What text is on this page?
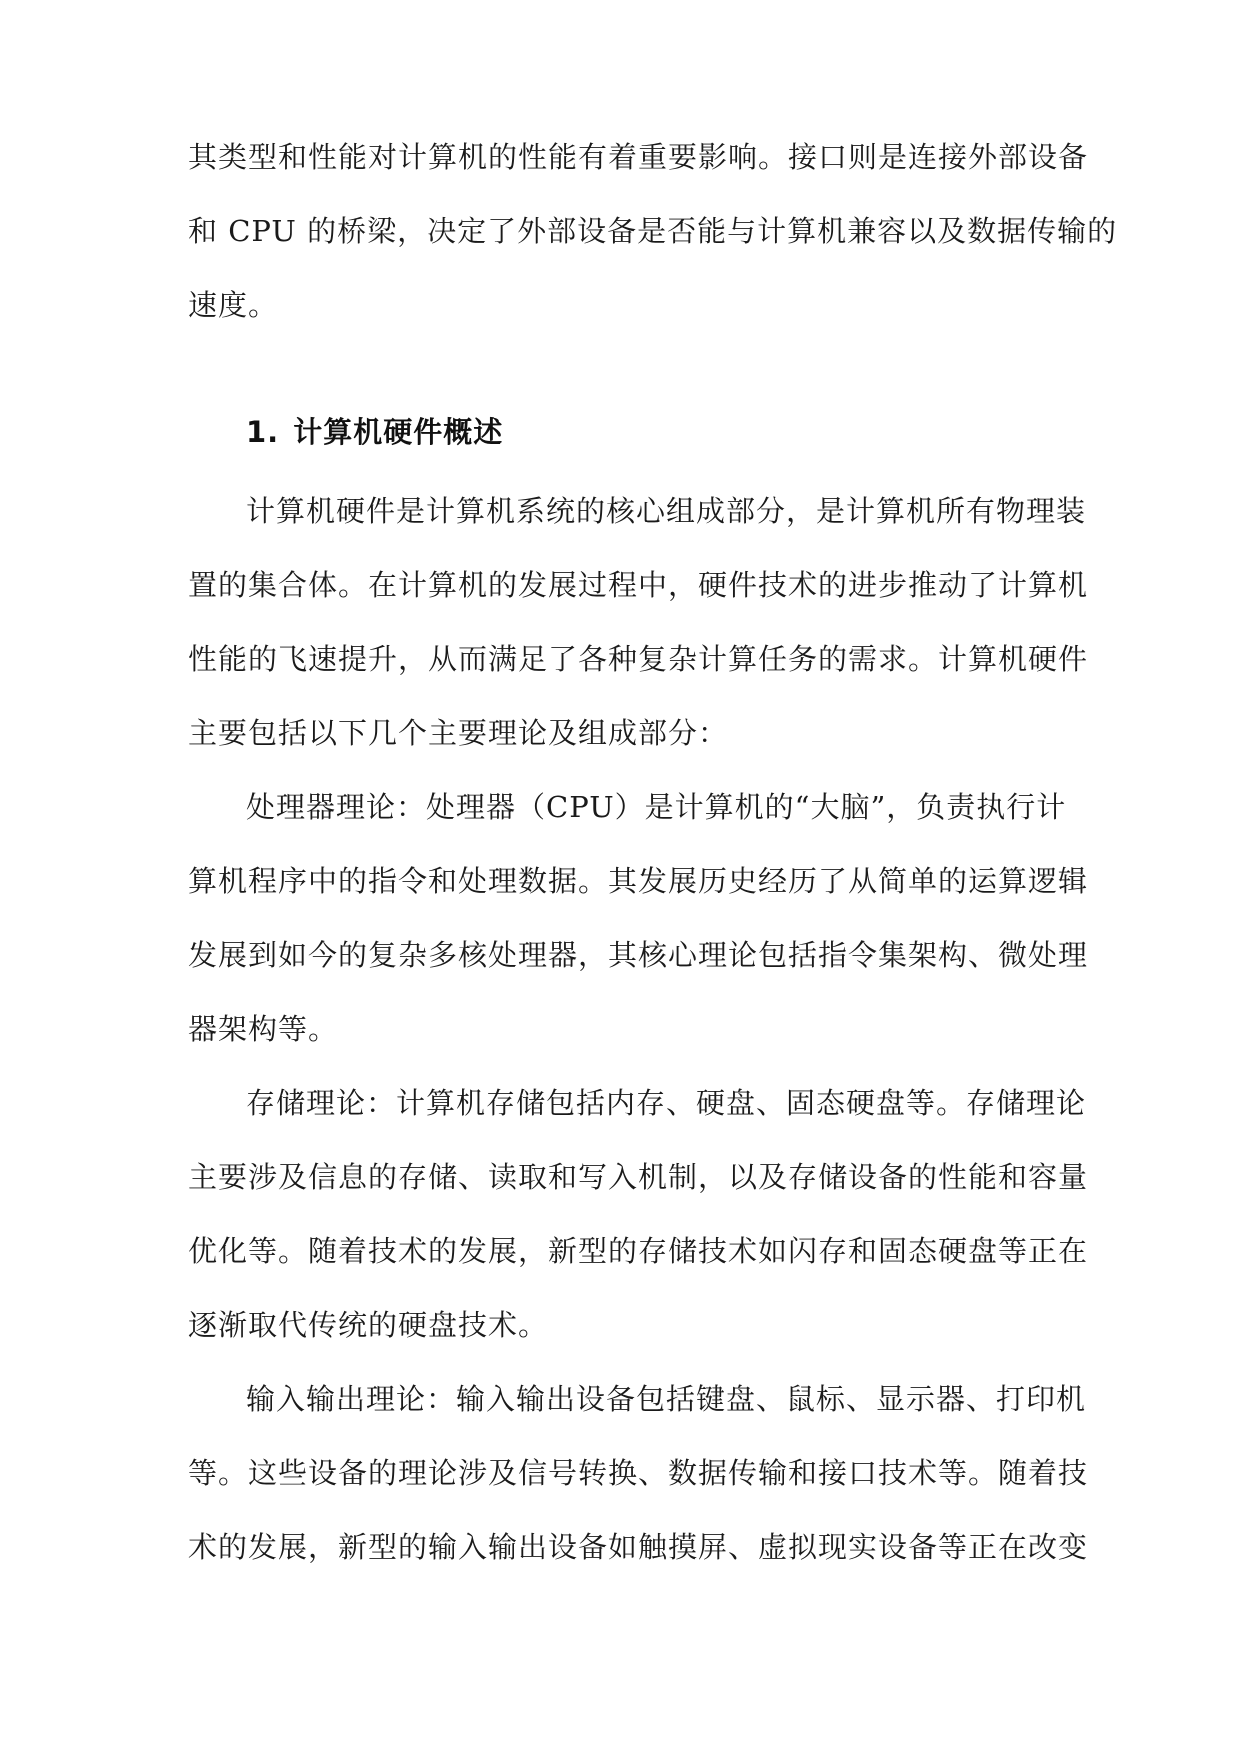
其类型和性能对计算机的性能有着重要影响。接口则是连接外部设备
和 CPU 的桥梁，决定了外部设备是否能与计算机兼容以及数据传输的
速度。
1. 计算机硬件概述
计算机硬件是计算机系统的核心组成部分，是计算机所有物理装
置的集合体。在计算机的发展过程中，硬件技术的进步推动了计算机
性能的飞速提升，从而满足了各种复杂计算任务的需求。计算机硬件
主要包括以下几个主要理论及组成部分：
处理器理论：处理器（CPU）是计算机的“大脑”，负责执行计
算机程序中的指令和处理数据。其发展历史经历了从简单的运算逻辑
发展到如今的复杂多核处理器，其核心理论包括指令集架构、微处理
器架构等。
存储理论：计算机存储包括内存、硬盘、固态硬盘等。存储理论
主要涉及信息的存储、读取和写入机制，以及存储设备的性能和容量
优化等。随着技术的发展，新型的存储技术如闪存和固态硬盘等正在
逐渐取代传统的硬盘技术。
输入输出理论：输入输出设备包括键盘、鼠标、显示器、打印机
等。这些设备的理论涉及信号转换、数据传输和接口技术等。随着技
术的发展，新型的输入输出设备如触摸屏、虚拟现实设备等正在改变
